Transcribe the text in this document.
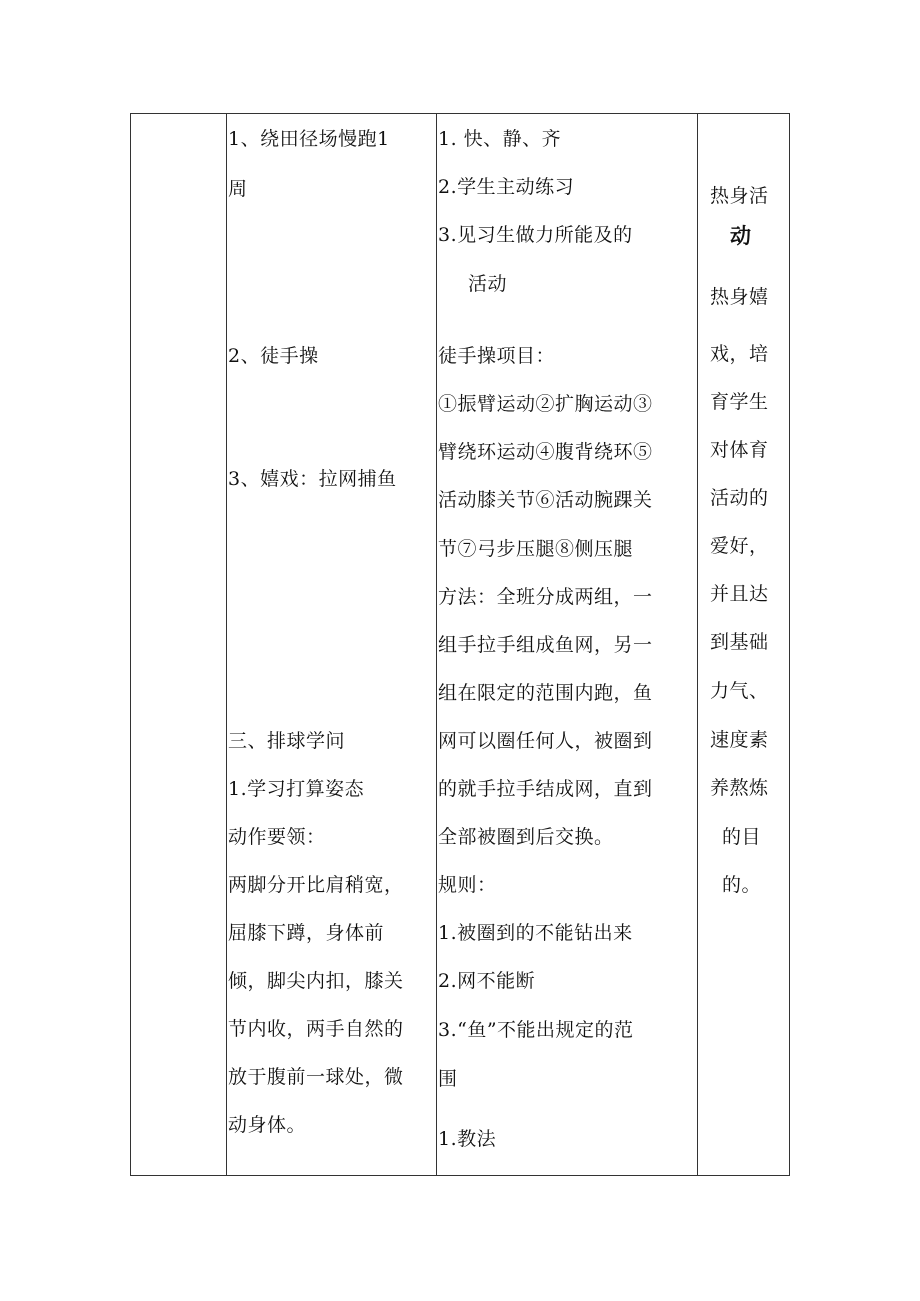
1、绕田径场慢跑1
周
2、徒手操
3、嬉戏：拉网捕鱼
三、排球学问
1.学习打算姿态
动作要领：
两脚分开比肩稍宽，
屈膝下蹲，身体前
倾，脚尖内扣，膝关
节内收，两手自然的
放于腹前一球处，微
动身体。
1. 快、静、齐
2.学生主动练习
3.见习生做力所能及的
活动
徒手操项目：
①振臂运动②扩胸运动③
臂绕环运动④腹背绕环⑤
活动膝关节⑥活动腕踝关
节⑦弓步压腿⑧侧压腿
方法：全班分成两组，一
组手拉手组成鱼网，另一
组在限定的范围内跑，鱼
网可以圈任何人，被圈到
的就手拉手结成网，直到
全部被圈到后交换。
规则：
1.被圈到的不能钻出来
2.网不能断
3.“鱼”不能出规定的范
围
1.教法
热身活
动
热身嬉
戏，培
育学生
对体育
活动的
爱好，
并且达
到基础
力气、
速度素
养熬炼
的目
的。
